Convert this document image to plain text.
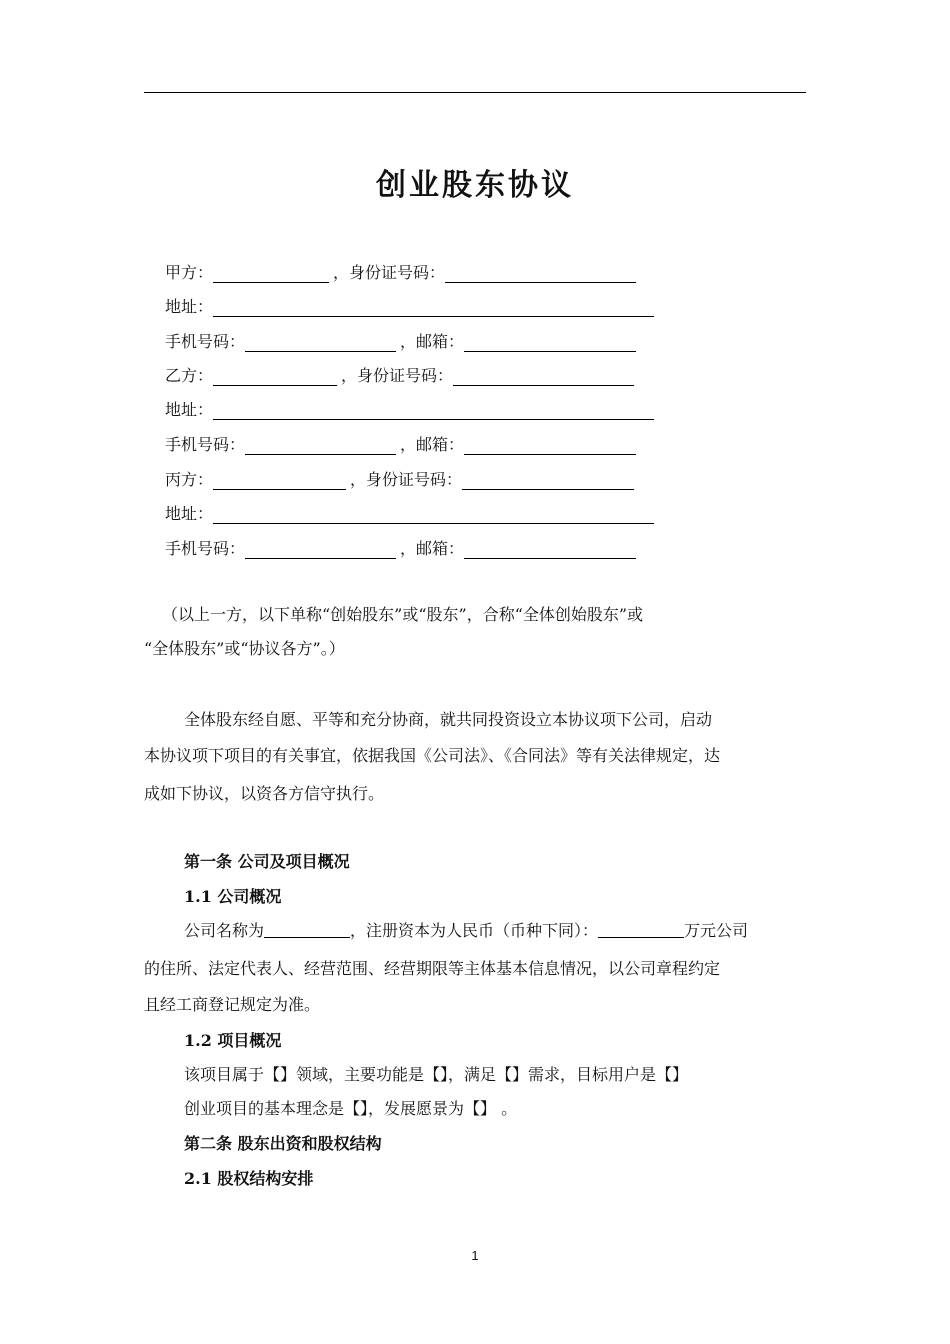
创业股东协议
甲方：	，身份证号码：
地址：
手机号码：	，邮箱：
乙方：	，身份证号码：
地址：
手机号码：	，邮箱：
丙方：	，身份证号码：
地址：
手机号码：	，邮箱：
（以上一方，以下单称“创始股东”或“股东”，合称“全体创始股东”或
“全体股东”或“协议各方”。）
全体股东经自愿、平等和充分协商，就共同投资设立本协议项下公司，启动
本协议项下项目的有关事宜，依据我国《公司法》、《合同法》等有关法律规定，达
成如下协议，以资各方信守执行。
第一条 公司及项目概况
1.1 公司概况
公司名称为	，注册资本为人民币（币种下同）：	万元公司
的住所、法定代表人、经营范围、经营期限等主体基本信息情况，以公司章程约定
且经工商登记规定为准。
1.2 项目概况
该项目属于【】领域，主要功能是【】，满足【】需求，目标用户是【】
创业项目的基本理念是【】，发展愿景为【】 。
第二条 股东出资和股权结构
2.1 股权结构安排
1
